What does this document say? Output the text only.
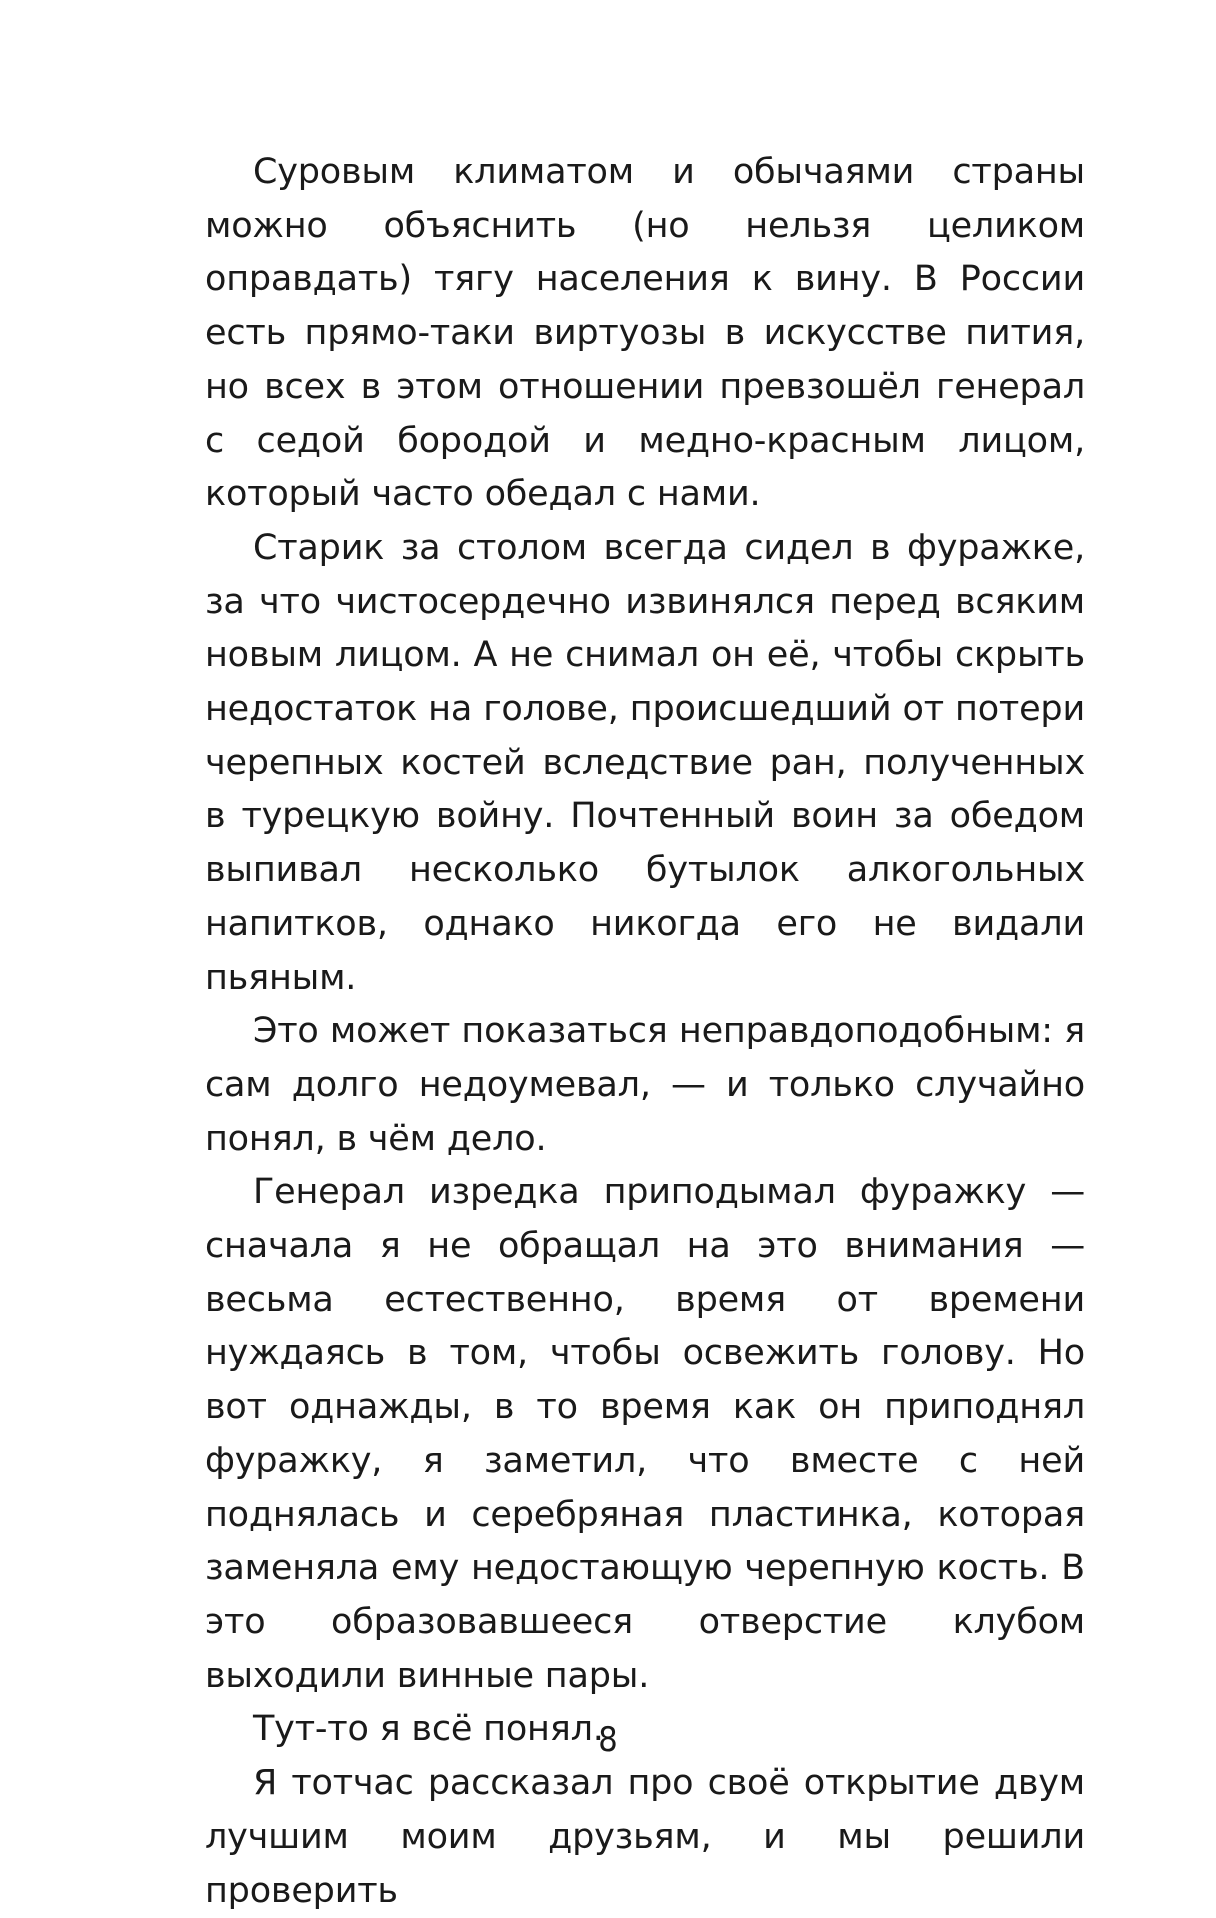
Суровым климатом и обычаями страны можно объяснить (но нельзя целиком оправдать) тягу населения к вину. В России есть прямо-таки виртуозы в искусстве пития, но всех в этом отношении превзошёл генерал с седой бородой и медно-красным лицом, который часто обедал с нами.

Старик за столом всегда сидел в фуражке, за что чистосердечно извинялся перед всяким новым лицом. А не снимал он её, чтобы скрыть недостаток на голове, происшедший от потери черепных костей вследствие ран, полученных в турецкую войну. Почтенный воин за обедом выпивал несколько бутылок алкогольных напитков, однако никогда его не видали пьяным.

Это может показаться неправдоподобным: я сам долго недоумевал, — и только случайно понял, в чём дело.

Генерал изредка приподымал фуражку — сначала я не обращал на это внимания — весьма естественно, время от времени нуждаясь в том, чтобы освежить голову. Но вот однажды, в то время как он приподнял фуражку, я заметил, что вместе с ней поднялась и серебряная пластинка, которая заменяла ему недостающую черепную кость. В это образовавшееся отверстие клубом выходили винные пары.

Тут-то я всё понял.

Я тотчас рассказал про своё открытие двум лучшим моим друзьям, и мы решили проверить

8
